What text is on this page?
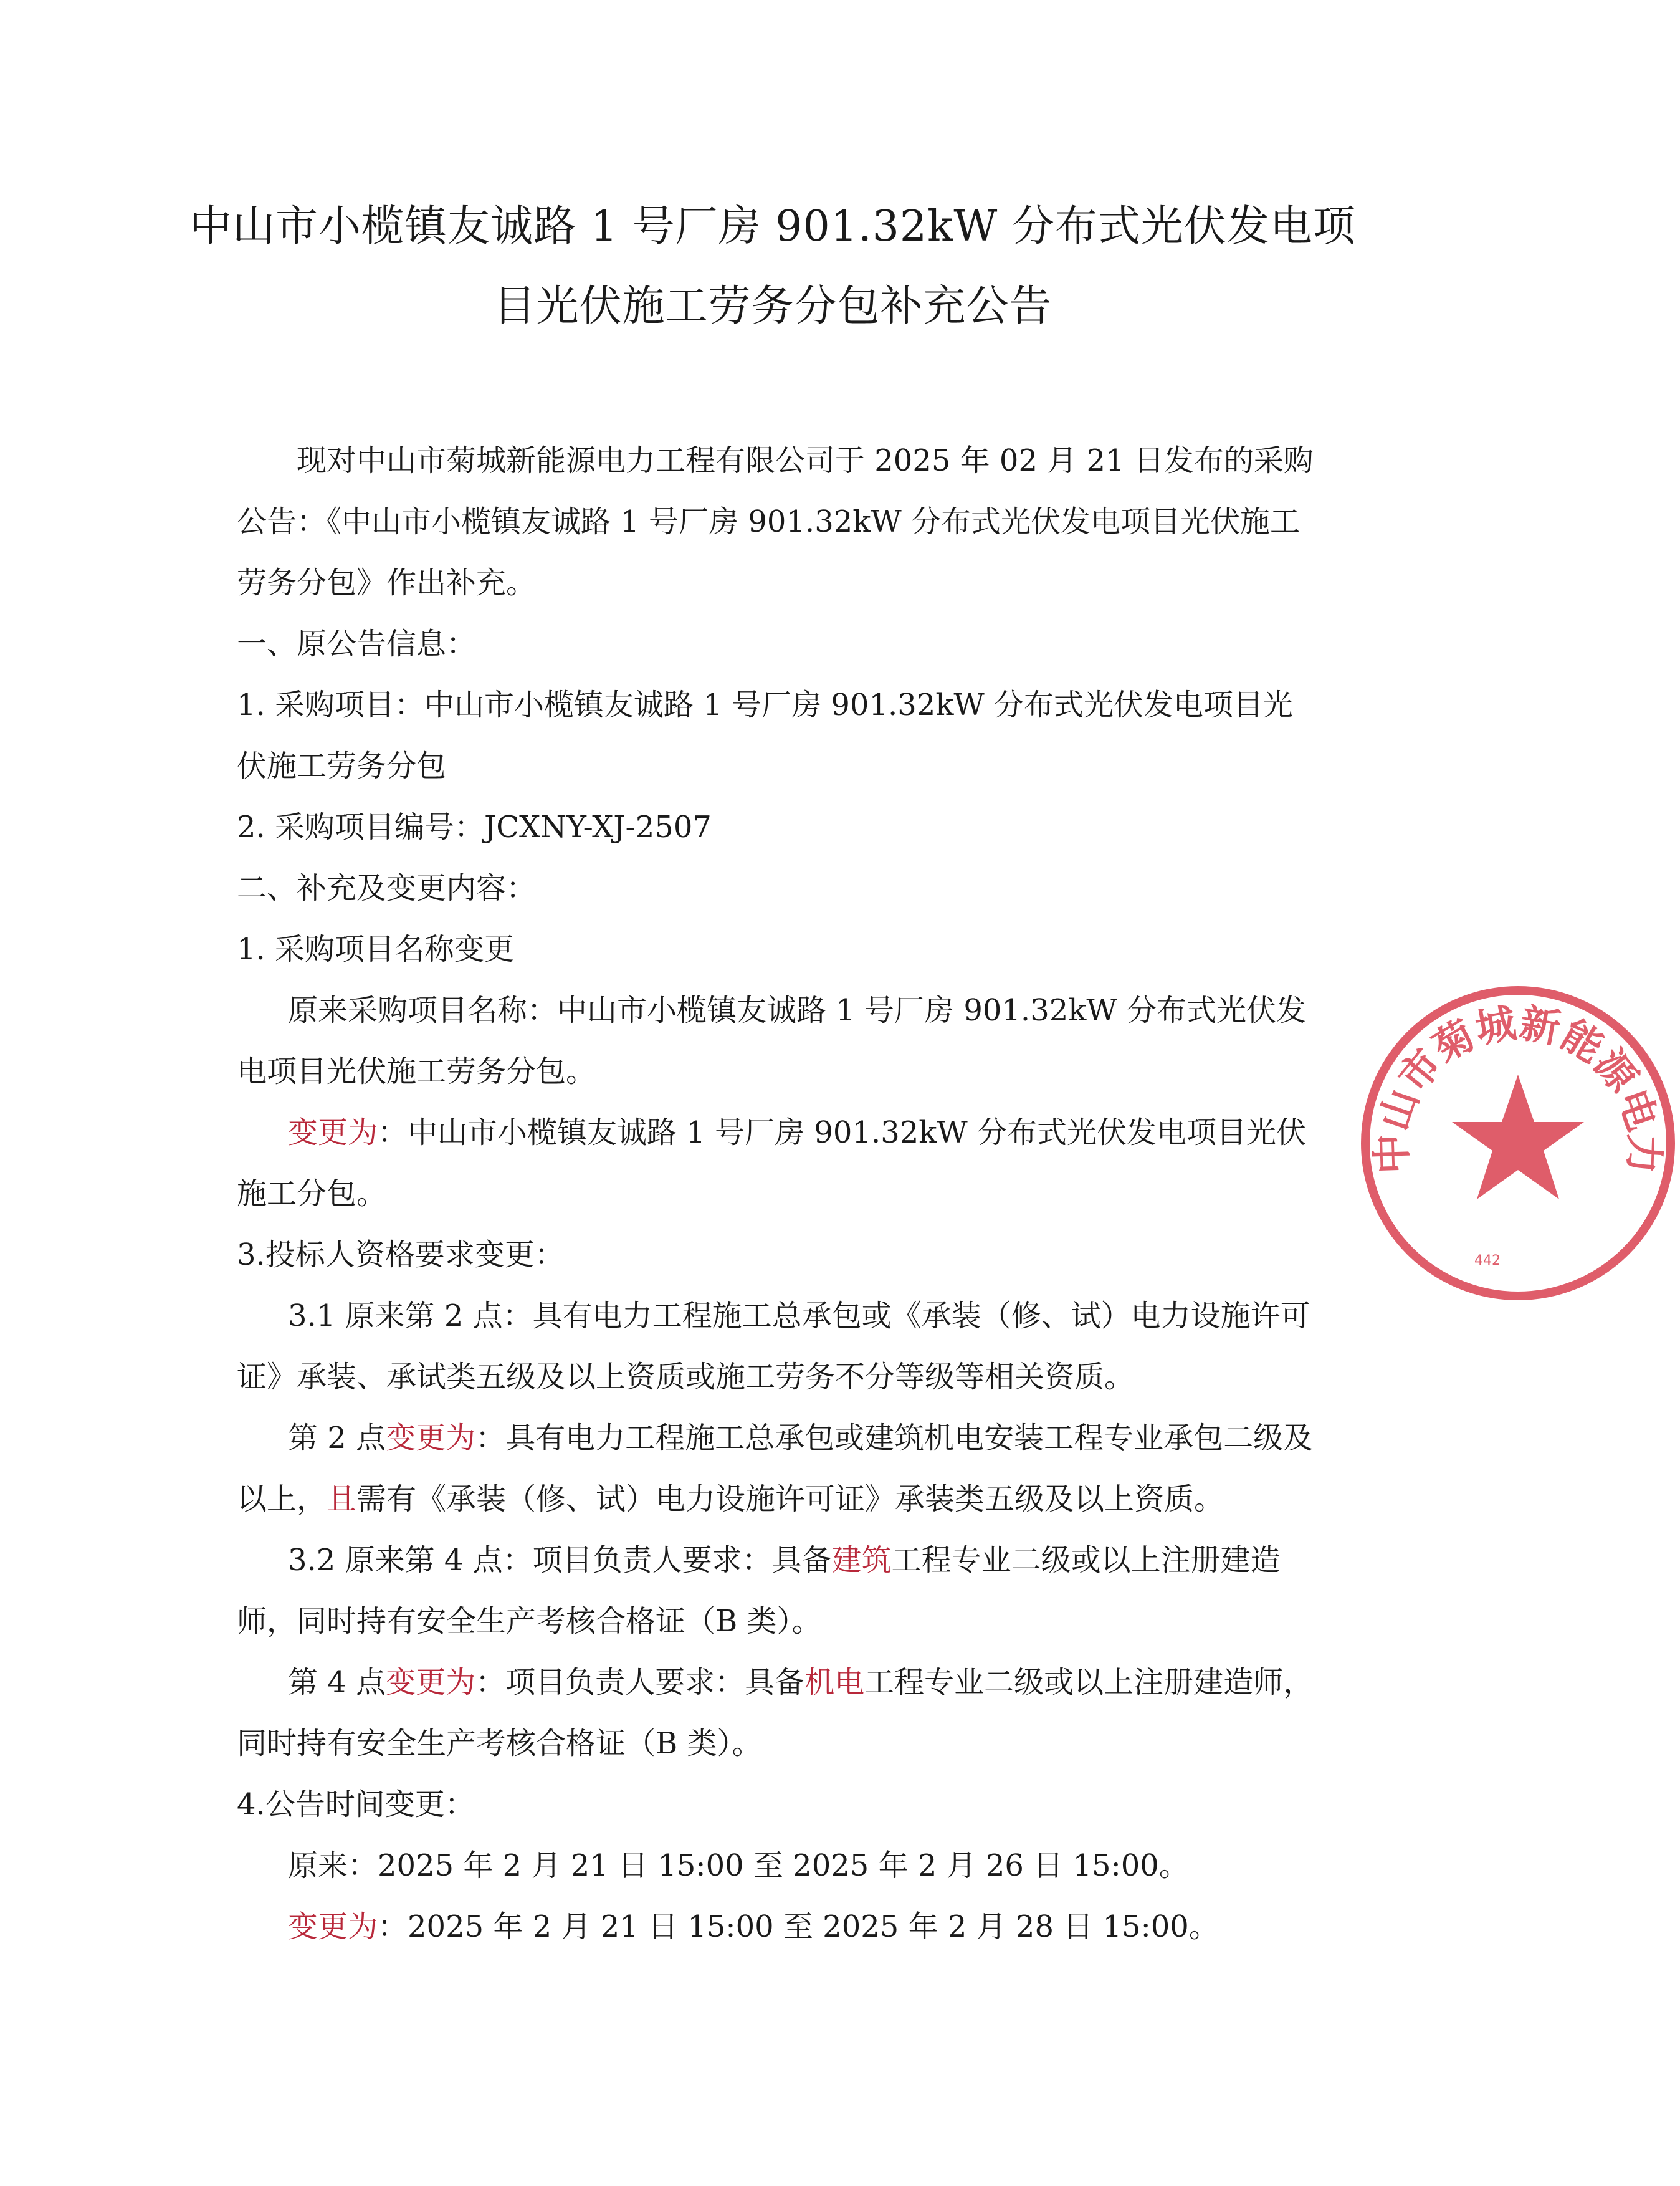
中山市小榄镇友诚路 1 号厂房 901.32kW 分布式光伏发电项
目光伏施工劳务分包补充公告

现对中山市菊城新能源电力工程有限公司于 2025 年 02 月 21 日发布的采购公告：《中山市小榄镇友诚路 1 号厂房 901.32kW 分布式光伏发电项目光伏施工劳务分包》作出补充。

一、原公告信息：

1. 采购项目：中山市小榄镇友诚路 1 号厂房 901.32kW 分布式光伏发电项目光伏施工劳务分包

2. 采购项目编号：JCXNY-XJ-2507

二、补充及变更内容：

1. 采购项目名称变更

原来采购项目名称：中山市小榄镇友诚路 1 号厂房 901.32kW 分布式光伏发电项目光伏施工劳务分包。

变更为：中山市小榄镇友诚路 1 号厂房 901.32kW 分布式光伏发电项目光伏施工分包。

3.投标人资格要求变更：

3.1 原来第 2 点：具有电力工程施工总承包或《承装（修、试）电力设施许可证》承装、承试类五级及以上资质或施工劳务不分等级等相关资质。

第 2 点变更为：具有电力工程施工总承包或建筑机电安装工程专业承包二级及以上，且需有《承装（修、试）电力设施许可证》承装类五级及以上资质。

3.2 原来第 4 点：项目负责人要求：具备建筑工程专业二级或以上注册建造师，同时持有安全生产考核合格证（B 类）。

第 4 点变更为：项目负责人要求：具备机电工程专业二级或以上注册建造师，同时持有安全生产考核合格证（B 类）。

4.公告时间变更：

原来：2025 年 2 月 21 日 15:00 至 2025 年 2 月 26 日 15:00。

变更为：2025 年 2 月 21 日 15:00 至 2025 年 2 月 28 日 15:00。

中山市菊城新能源电力
442
